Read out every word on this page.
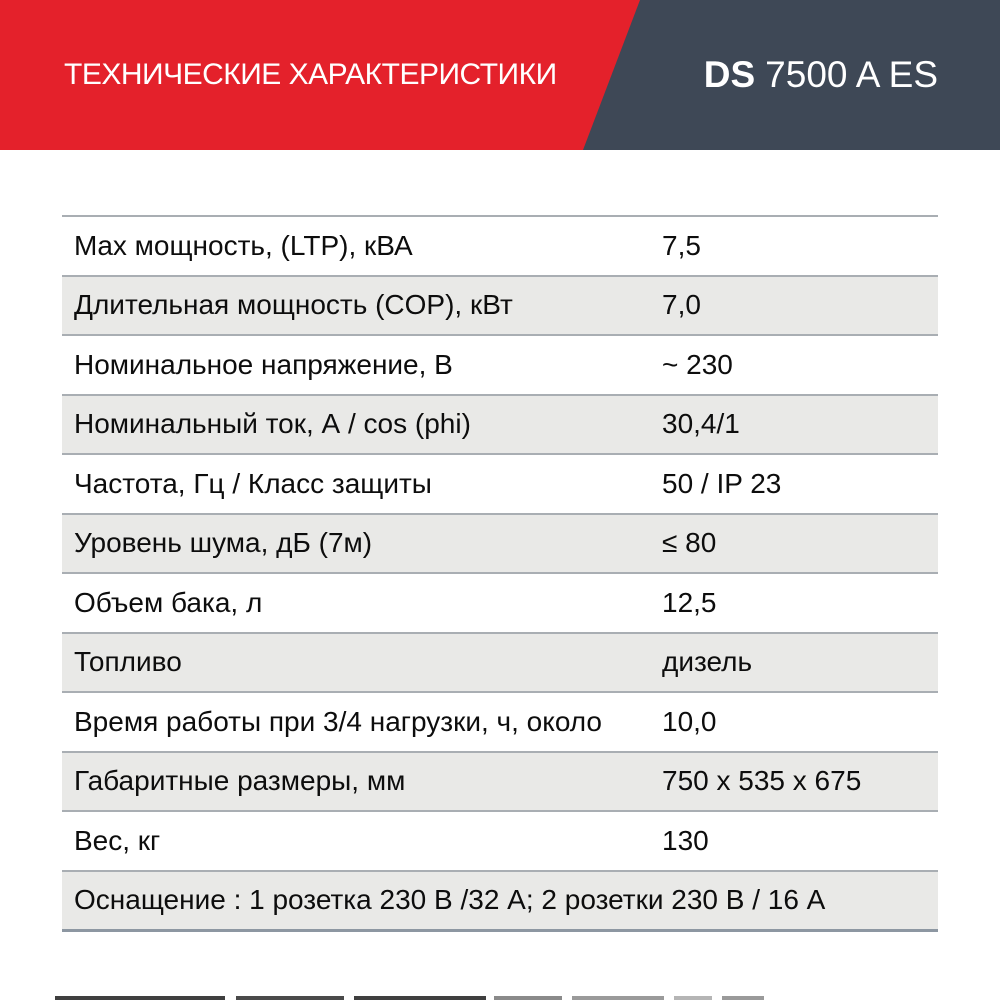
ТЕХНИЧЕСКИЕ ХАРАКТЕРИСТИКИ	DS 7500 A ES
Max мощность, (LTP), кВА	7,5
Длительная мощность (COP), кВт	7,0
Номинальное напряжение, В	~ 230
Номинальный ток, А / cos (phi)	30,4/1
Частота, Гц / Класс защиты	50 / IP 23
Уровень шума, дБ (7м)	≤ 80
Объем бака, л	12,5
Топливо	дизель
Время работы при 3/4 нагрузки, ч, около	10,0
Габаритные размеры, мм	750 x 535 x 675
Вес, кг	130
Оснащение : 1 розетка 230 В /32 А; 2 розетки 230 В / 16 А
